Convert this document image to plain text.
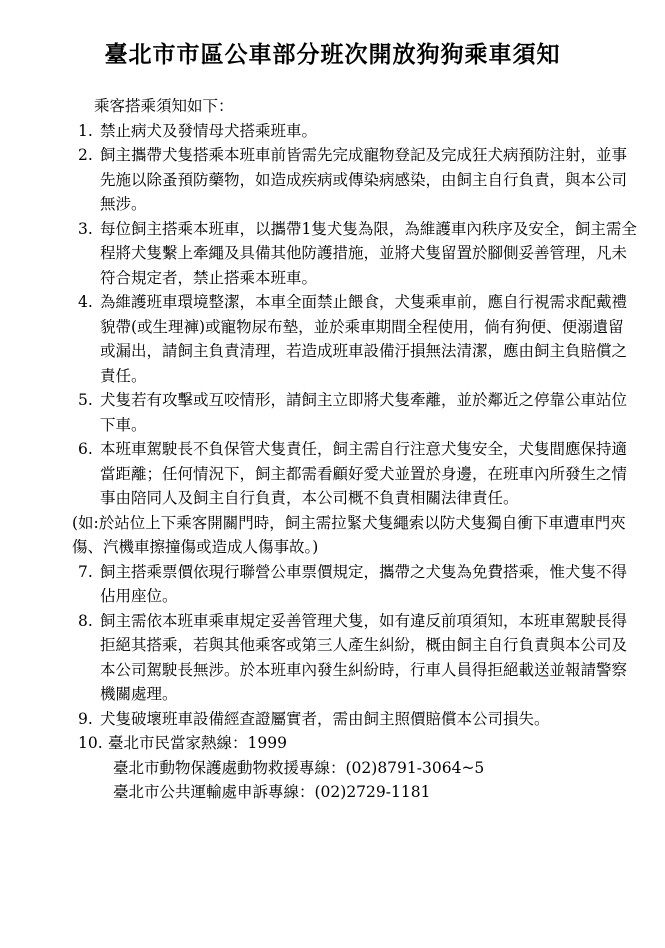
臺北市市區公車部分班次開放狗狗乘車須知
乘客搭乘須知如下：
1. 禁止病犬及發情母犬搭乘班車。
2. 飼主攜帶犬隻搭乘本班車前皆需先完成寵物登記及完成狂犬病預防注射，並事先施以除蚤預防藥物，如造成疾病或傳染病感染，由飼主自行負責，與本公司無涉。
3. 每位飼主搭乘本班車，以攜帶1隻犬隻為限，為維護車內秩序及安全，飼主需全程將犬隻繫上牽繩及具備其他防護措施，並將犬隻留置於腳側妥善管理，凡未符合規定者，禁止搭乘本班車。
4. 為維護班車環境整潔，本車全面禁止餵食，犬隻乘車前，應自行視需求配戴禮貌帶(或生理褲)或寵物尿布墊，並於乘車期間全程使用，倘有狗便、便溺遺留或漏出，請飼主負責清理，若造成班車設備汙損無法清潔，應由飼主負賠償之責任。
5. 犬隻若有攻擊或互咬情形，請飼主立即將犬隻牽離，並於鄰近之停靠公車站位下車。
6. 本班車駕駛長不負保管犬隻責任，飼主需自行注意犬隻安全，犬隻間應保持適當距離；任何情況下，飼主都需看顧好愛犬並置於身邊，在班車內所發生之情事由陪同人及飼主自行負責，本公司概不負責相關法律責任。
(如:於站位上下乘客開關門時，飼主需拉緊犬隻繩索以防犬隻獨自衝下車遭車門夾傷、汽機車擦撞傷或造成人傷事故。)
7. 飼主搭乘票價依現行聯營公車票價規定，攜帶之犬隻為免費搭乘，惟犬隻不得佔用座位。
8. 飼主需依本班車乘車規定妥善管理犬隻，如有違反前項須知，本班車駕駛長得拒絕其搭乘，若與其他乘客或第三人產生糾紛，概由飼主自行負責與本公司及本公司駕駛長無涉。於本班車內發生糾紛時，行車人員得拒絕載送並報請警察機關處理。
9. 犬隻破壞班車設備經查證屬實者，需由飼主照價賠償本公司損失。
10. 臺北市民當家熱線：1999
臺北市動物保護處動物救援專線：(02)8791-3064~5
臺北市公共運輸處申訴專線：(02)2729-1181
